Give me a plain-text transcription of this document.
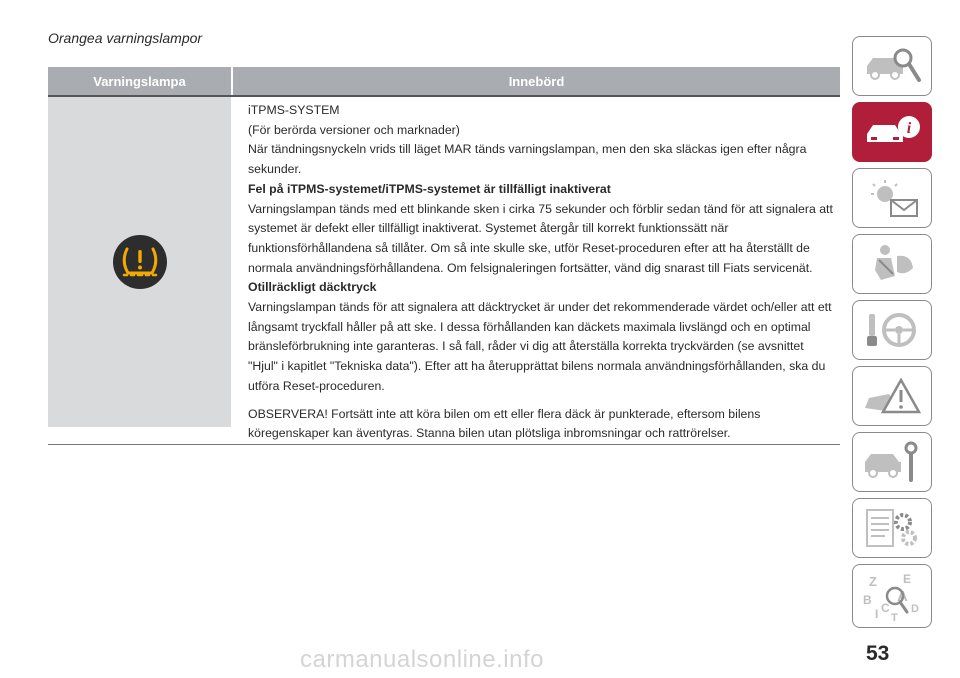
Orangea varningslampor
Varningslampa	Innebörd

iTPMS-SYSTEM

(För berörda versioner och marknader)

När tändningsnyckeln vrids till läget MAR tänds varningslampan, men den ska släckas igen efter några sekunder.

Fel på iTPMS-systemet/iTPMS-systemet är tillfälligt inaktiverat

Varningslampan tänds med ett blinkande sken i cirka 75 sekunder och förblir sedan tänd för att signalera att systemet är defekt eller tillfälligt inaktiverat. Systemet återgår till korrekt funktionssätt när funktionsförhållandena så tillåter. Om så inte skulle ske, utför Reset-proceduren efter att ha återställt de normala användningsförhållandena. Om felsignaleringen fortsätter, vänd dig snarast till Fiats servicenät.

Otillräckligt däcktryck

Varningslampan tänds för att signalera att däcktrycket är under det rekommenderade värdet och/eller att ett långsamt tryckfall håller på att ske. I dessa förhållanden kan däckets maximala livslängd och en optimal bränsleförbrukning inte garanteras. I så fall, råder vi dig att återställa korrekta tryckvärden (se avsnittet "Hjul" i kapitlet "Tekniska data"). Efter att ha återupprättat bilens normala användningsförhållanden, ska du utföra Reset-proceduren.

OBSERVERA! Fortsätt inte att köra bilen om ett eller flera däck är punkterade, eftersom bilens köregenskaper kan äventyras. Stanna bilen utan plötsliga inbromsningar och rattrörelser.

i
Z E
A
B
C D
I T
53
carmanualsonline.info
